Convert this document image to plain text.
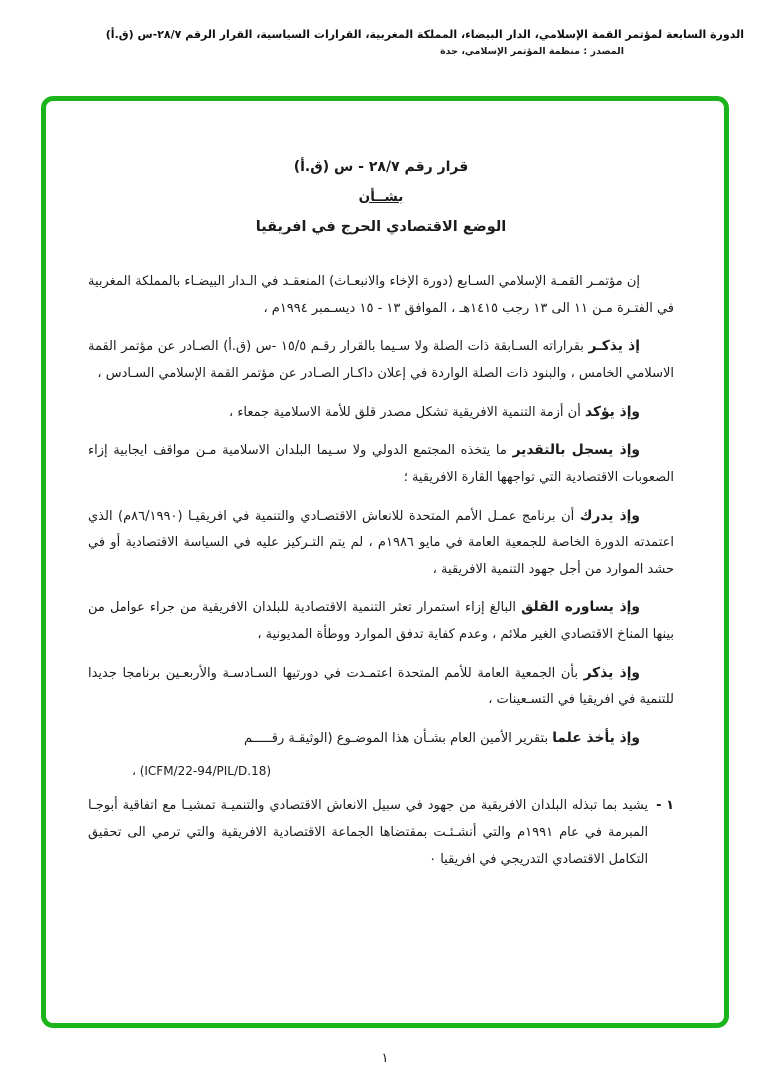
الدورة السابعة لمؤتمر القمة الإسلامي، الدار البيضاء، المملكة المغربية، القرارات السياسية، القرار الرقم ٢٨/٧-س (ق.أ)
المصدر : منظمة المؤتمر الإسلامي، جدة
قرار رقم ٢٨/٧ - س (ق.أ)
بشــأن
الوضع الاقتصادي الحرج في افريقيا

إن مؤتمـر القمـة الإسلامي السـابع (دورة الإخاء والانبعـاث) المنعقـد في الـدار البيضـاء بالمملكة المغربية في الفتـرة مـن ١١ الى ١٣ رجب ١٤١٥هـ ، الموافق ١٣ - ١٥ ديسـمبر ١٩٩٤م ،

إذ يذكـر بقراراته السـابقة ذات الصلة ولا سـيما بالقرار رقـم ١٥/٥ -س (ق.أ) الصـادر عن مؤتمر القمة الاسلامي الخامس ، والبنود ذات الصلة الواردة في إعلان داكـار الصـادر عن مؤتمر القمة الإسلامي السـادس ،

وإذ يؤكد أن أزمة التنمية الافريقية تشكل مصدر قلق للأمة الاسلامية جمعاء ،

وإذ يسجل بالتقدير ما يتخذه المجتمع الدولي ولا سـيما البلدان الاسلامية مـن مواقف ايجابية إزاء الصعوبات الاقتصادية التي تواجهها القارة الافريقية ؛

وإذ يدرك أن برنامج عمـل الأمم المتحدة للانعاش الاقتصـادي والتنمية في افريقيـا (٨٦/١٩٩٠م) الذي اعتمدته الدورة الخاصة للجمعية العامة في مايو ١٩٨٦م ، لم يتم التـركيز عليه في السياسة الاقتصادية أو في حشد الموارد من أجل جهود التنمية الافريقية ،

وإذ يساوره القلق البالغ إزاء استمرار تعثر التنمية الاقتصادية للبلدان الافريقية من جراء عوامل من بينها المناخ الاقتصادي الغير ملائم ، وعدم كفاية تدفق الموارد ووطأة المديونية ،

وإذ يذكر بأن الجمعية العامة للأمم المتحدة اعتمـدت في دورتيها السـادسـة والأربعـين برنامجا جديدا للتنمية في افريقيا في التسـعينات ،

وإذ يأخذ علما بتقرير الأمين العام بشـأن هذا الموضـوع (الوثيقـة رقـــــم

(ICFM/22-94/PIL/D.18) ،
١ -

يشيد بما تبذله البلدان الافريقية من جهود في سبيل الانعاش الاقتصادي والتنميـة تمشيـا مع اتفاقية أبوجـا المبرمة في عام ١٩٩١م والتي أنشـئـت بمقتضاها الجماعة الاقتصادية الافريقية والتي ترمي الى تحقيق التكامل الاقتصادي التدريجي في افريقيا ٠

١
